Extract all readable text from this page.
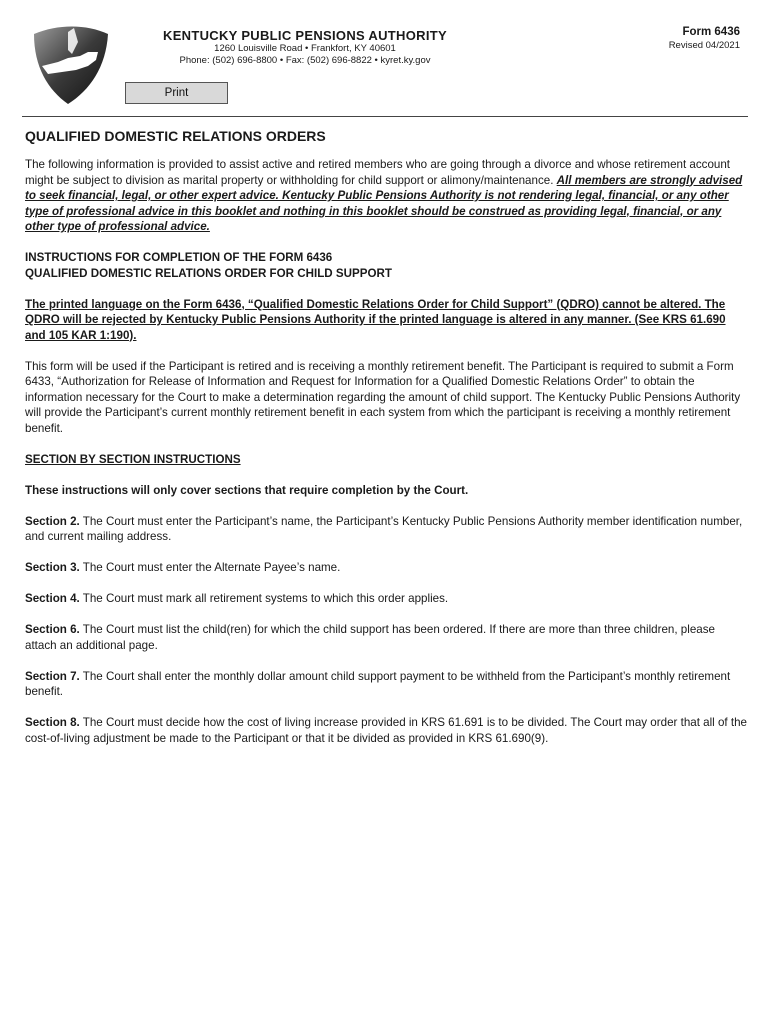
KENTUCKY PUBLIC PENSIONS AUTHORITY
1260 Louisville Road • Frankfort, KY 40601
Phone: (502) 696-8800 • Fax: (502) 696-8822 • kyret.ky.gov
Form 6436
Revised 04/2021
Print
QUALIFIED DOMESTIC RELATIONS ORDERS

The following information is provided to assist active and retired members who are going through a divorce and whose retirement account might be subject to division as marital property or withholding for child support or alimony/maintenance. All members are strongly advised to seek financial, legal, or other expert advice. Kentucky Public Pensions Authority is not rendering legal, financial, or any other type of professional advice in this booklet and nothing in this booklet should be construed as providing legal, financial, or any other type of professional advice.

INSTRUCTIONS FOR COMPLETION OF THE FORM 6436
QUALIFIED DOMESTIC RELATIONS ORDER FOR CHILD SUPPORT

The printed language on the Form 6436, “Qualified Domestic Relations Order for Child Support” (QDRO) cannot be altered. The QDRO will be rejected by Kentucky Public Pensions Authority if the printed language is altered in any manner. (See KRS 61.690 and 105 KAR 1:190).

This form will be used if the Participant is retired and is receiving a monthly retirement benefit. The Participant is required to submit a Form 6433, “Authorization for Release of Information and Request for Information for a Qualified Domestic Relations Order” to obtain the information necessary for the Court to make a determination regarding the amount of child support. The Kentucky Public Pensions Authority will provide the Participant’s current monthly retirement benefit in each system from which the participant is receiving a monthly retirement benefit.

SECTION BY SECTION INSTRUCTIONS

These instructions will only cover sections that require completion by the Court.

Section 2. The Court must enter the Participant’s name, the Participant’s Kentucky Public Pensions Authority member identification number, and current mailing address.

Section 3. The Court must enter the Alternate Payee’s name.

Section 4. The Court must mark all retirement systems to which this order applies.

Section 6. The Court must list the child(ren) for which the child support has been ordered. If there are more than three children, please attach an additional page.

Section 7. The Court shall enter the monthly dollar amount child support payment to be withheld from the Participant’s monthly retirement benefit.

Section 8. The Court must decide how the cost of living increase provided in KRS 61.691 is to be divided. The Court may order that all of the cost-of-living adjustment be made to the Participant or that it be divided as provided in KRS 61.690(9).
